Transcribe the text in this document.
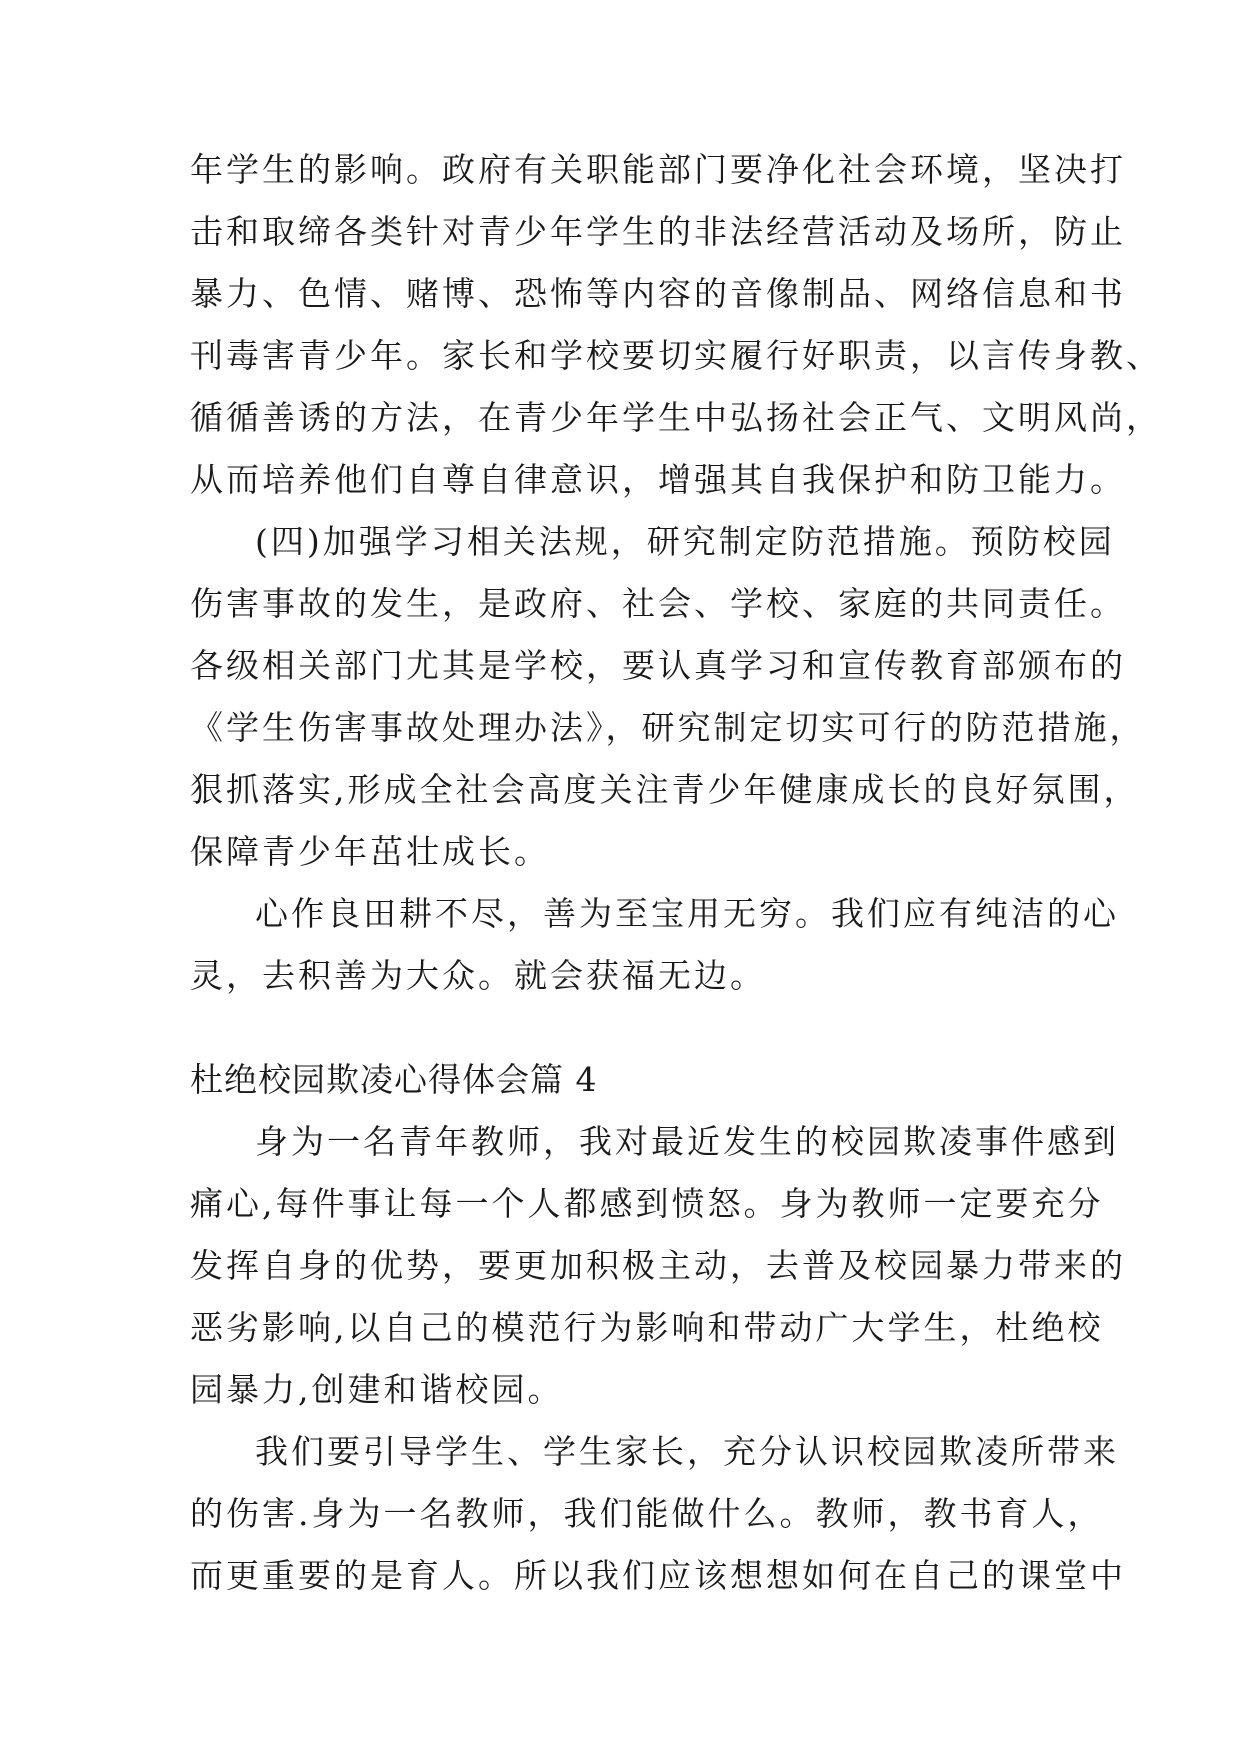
年学生的影响。政府有关职能部门要净化社会环境，坚决打
击和取缔各类针对青少年学生的非法经营活动及场所，防止
暴力、色情、赌博、恐怖等内容的音像制品、网络信息和书
刊毒害青少年。家长和学校要切实履行好职责，以言传身教、
循循善诱的方法，在青少年学生中弘扬社会正气、文明风尚，
从而培养他们自尊自律意识，增强其自我保护和防卫能力。
(四)加强学习相关法规，研究制定防范措施。预防校园
伤害事故的发生，是政府、社会、学校、家庭的共同责任。
各级相关部门尤其是学校，要认真学习和宣传教育部颁布的
《学生伤害事故处理办法》，研究制定切实可行的防范措施，
狠抓落实,形成全社会高度关注青少年健康成长的良好氛围，
保障青少年茁壮成长。
心作良田耕不尽，善为至宝用无穷。我们应有纯洁的心
灵，去积善为大众。就会获福无边。
杜绝校园欺凌心得体会篇 4
身为一名青年教师，我对最近发生的校园欺凌事件感到
痛心,每件事让每一个人都感到愤怒。身为教师一定要充分
发挥自身的优势，要更加积极主动，去普及校园暴力带来的
恶劣影响,以自己的模范行为影响和带动广大学生，杜绝校
园暴力,创建和谐校园。
我们要引导学生、学生家长，充分认识校园欺凌所带来
的伤害.身为一名教师，我们能做什么。教师，教书育人，
而更重要的是育人。所以我们应该想想如何在自己的课堂中
